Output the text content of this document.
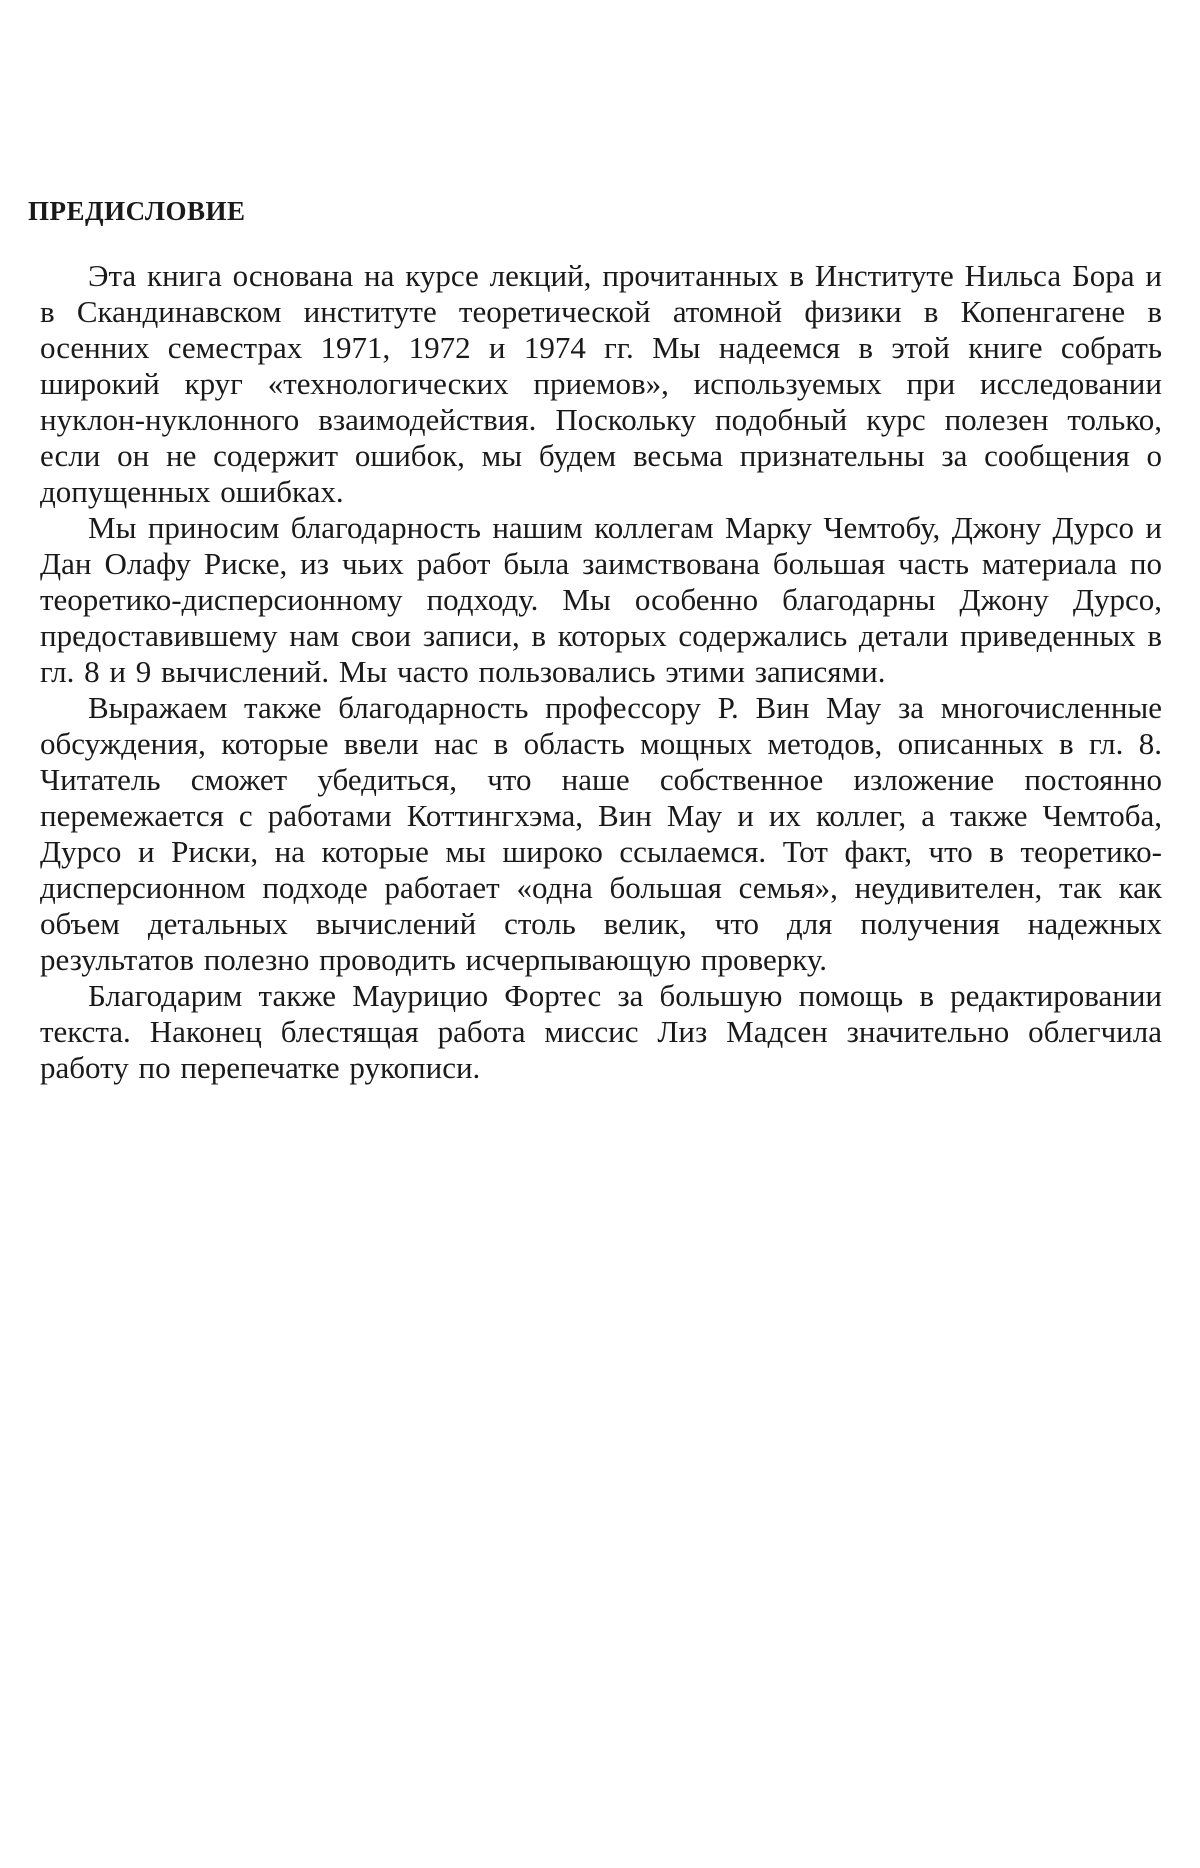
ПРЕДИСЛОВИЕ

Эта книга основана на курсе лекций, прочитанных в Институте Нильса Бора и в Скандинавском институте теоретической атомной физики в Копенгагене в осенних семестрах 1971, 1972 и 1974 гг. Мы надеемся в этой книге собрать широкий круг «технологических приемов», используемых при исследовании нуклон-нуклонного взаимодействия. Поскольку подобный курс полезен только, если он не содержит ошибок, мы будем весьма признательны за сообщения о допущенных ошибках.

Мы приносим благодарность нашим коллегам Марку Чемтобу, Джону Дурсо и Дан Олафу Риске, из чьих работ была заимствована большая часть материала по теоретико-дисперсионному подходу. Мы особенно благодарны Джону Дурсо, предоставившему нам свои записи, в которых содержались детали приведенных в гл. 8 и 9 вычислений. Мы часто пользовались этими записями.

Выражаем также благодарность профессору Р. Вин Мау за многочисленные обсуждения, которые ввели нас в область мощных методов, описанных в гл. 8. Читатель сможет убедиться, что наше собственное изложение постоянно перемежается с работами Коттингхэма, Вин Мау и их коллег, а также Чемтоба, Дурсо и Риски, на которые мы широко ссылаемся. Тот факт, что в теоретико-дисперсионном подходе работает «одна большая семья», неудивителен, так как объем детальных вычислений столь велик, что для получения надежных результатов полезно проводить исчерпывающую проверку.

Благодарим также Маурицио Фортес за большую помощь в редактировании текста. Наконец блестящая работа миссис Лиз Мадсен значительно облегчила работу по перепечатке рукописи.
